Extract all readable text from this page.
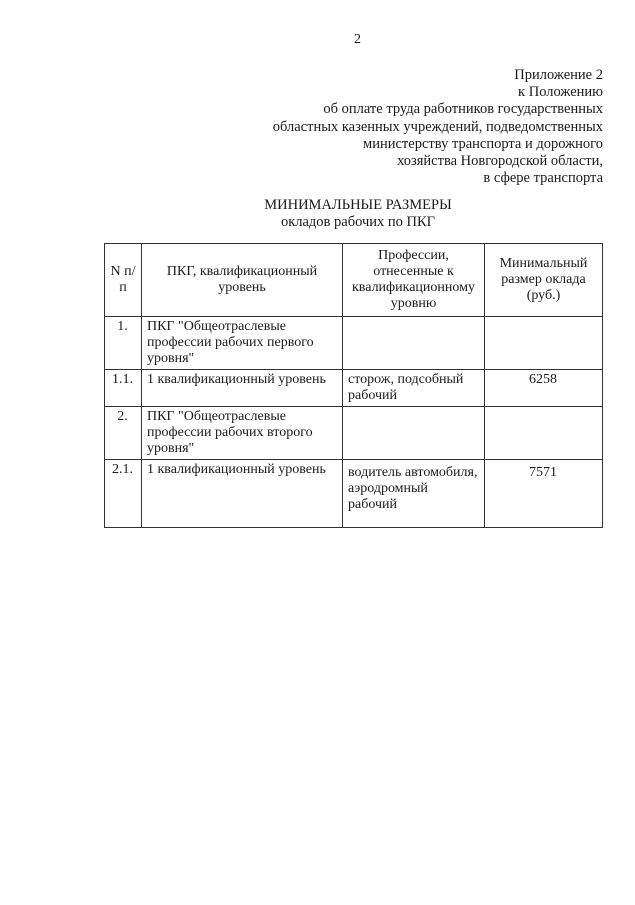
2
Приложение 2
к Положению
об оплате труда работников государственных
областных казенных учреждений, подведомственных
министерству транспорта и дорожного
хозяйства Новгородской области,
в сфере транспорта
МИНИМАЛЬНЫЕ РАЗМЕРЫ
окладов рабочих по ПКГ
N п/п	ПКГ, квалификационный уровень	Профессии, отнесенные к квалификационному уровню	Минимальный размер оклада (руб.)
1.	ПКГ "Общеотраслевые профессии рабочих первого уровня"		
1.1.	1 квалификационный уровень	сторож, подсобный рабочий	6258
2.	ПКГ "Общеотраслевые профессии рабочих второго уровня"		
2.1.	1 квалификационный уровень	водитель автомобиля, аэродромный рабочий	7571
